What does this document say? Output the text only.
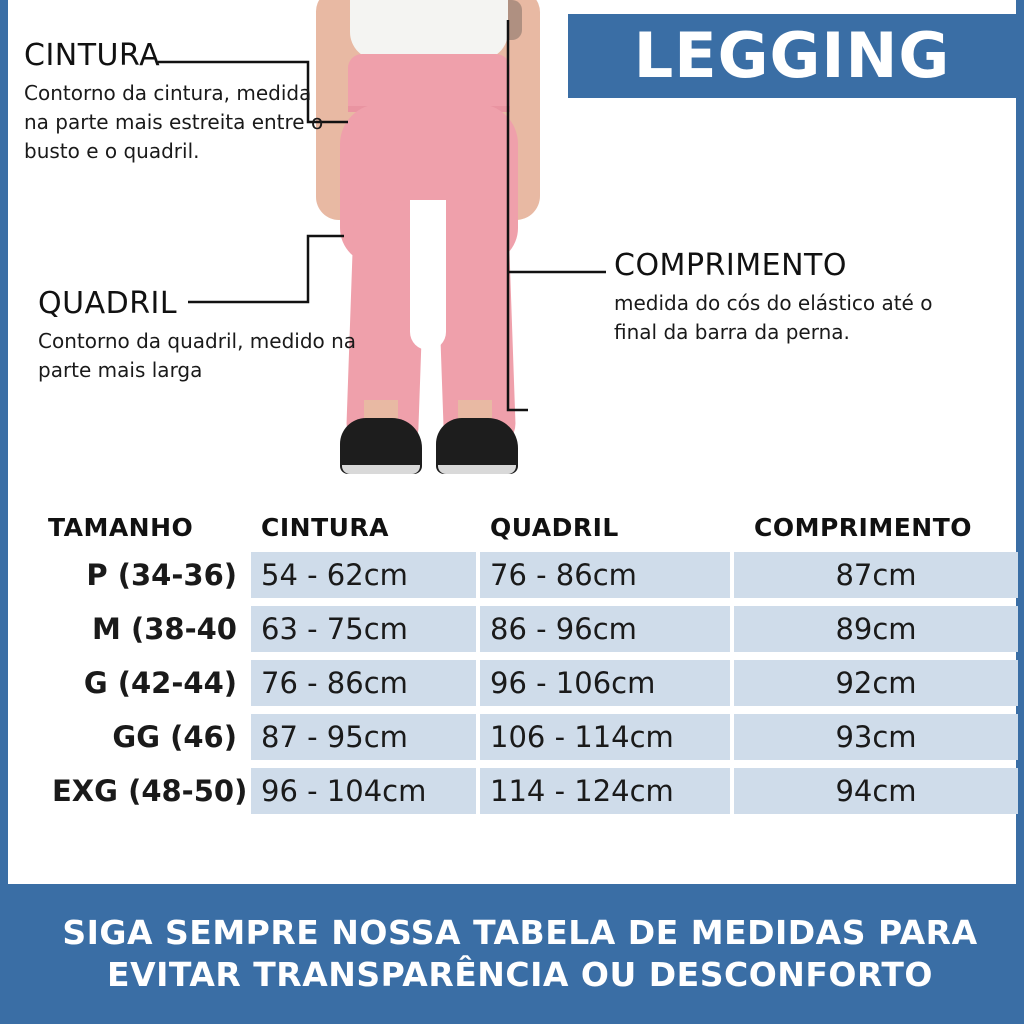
LEGGING
CINTURA
Contorno da cintura, medida na parte mais estreita entre o busto e o quadril.
QUADRIL
Contorno da quadril, medido na parte mais larga
COMPRIMENTO
medida do cós do elástico até o final da barra da perna.
TAMANHO	CINTURA	QUADRIL	COMPRIMENTO
P (34-36)	54 - 62cm	76 - 86cm	87cm
M (38-40	63 - 75cm	86 - 96cm	89cm
G (42-44)	76 - 86cm	96 - 106cm	92cm
GG (46)	87 - 95cm	106 - 114cm	93cm
EXG (48-50)	96 - 104cm	114 - 124cm	94cm
SIGA SEMPRE NOSSA TABELA DE MEDIDAS PARA
EVITAR TRANSPARÊNCIA OU DESCONFORTO
